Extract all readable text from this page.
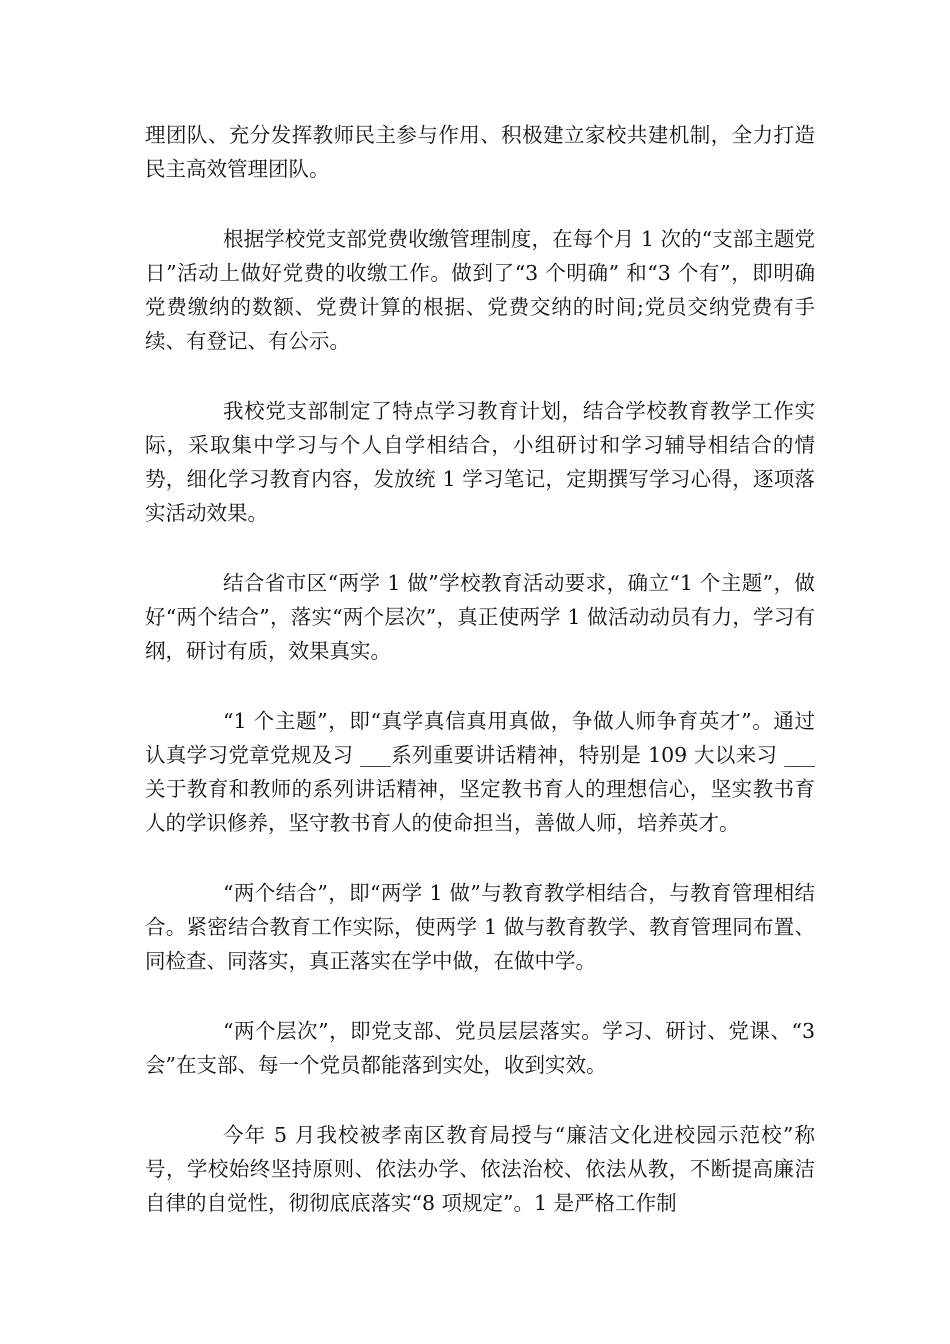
理团队、充分发挥教师民主参与作用、积极建立家校共建机制，全力打造民主高效管理团队。

根据学校党支部党费收缴管理制度，在每个月 1 次的“支部主题党日”活动上做好党费的收缴工作。做到了“3 个明确” 和“3 个有”，即明确党费缴纳的数额、党费计算的根据、党费交纳的时间;党员交纳党费有手续、有登记、有公示。

我校党支部制定了特点学习教育计划，结合学校教育教学工作实际，采取集中学习与个人自学相结合，小组研讨和学习辅导相结合的情势，细化学习教育内容，发放统 1 学习笔记，定期撰写学习心得，逐项落实活动效果。

结合省市区“两学 1 做”学校教育活动要求，确立“1 个主题”，做好“两个结合”，落实“两个层次”，真正使两学 1 做活动动员有力，学习有纲，研讨有质，效果真实。

“1 个主题”，即“真学真信真用真做，争做人师争育英才”。通过认真学习党章党规及习 ___系列重要讲话精神，特别是 109 大以来习 ___关于教育和教师的系列讲话精神，坚定教书育人的理想信心，坚实教书育人的学识修养，坚守教书育人的使命担当，善做人师，培养英才。

“两个结合”，即“两学 1 做”与教育教学相结合，与教育管理相结合。紧密结合教育工作实际，使两学 1 做与教育教学、教育管理同布置、同检查、同落实，真正落实在学中做，在做中学。

“两个层次”，即党支部、党员层层落实。学习、研讨、党课、“3 会”在支部、每一个党员都能落到实处，收到实效。

今年 5 月我校被孝南区教育局授与“廉洁文化进校园示范校”称号，学校始终坚持原则、依法办学、依法治校、依法从教，不断提高廉洁自律的自觉性，彻彻底底落实“8 项规定”。1 是严格工作制
